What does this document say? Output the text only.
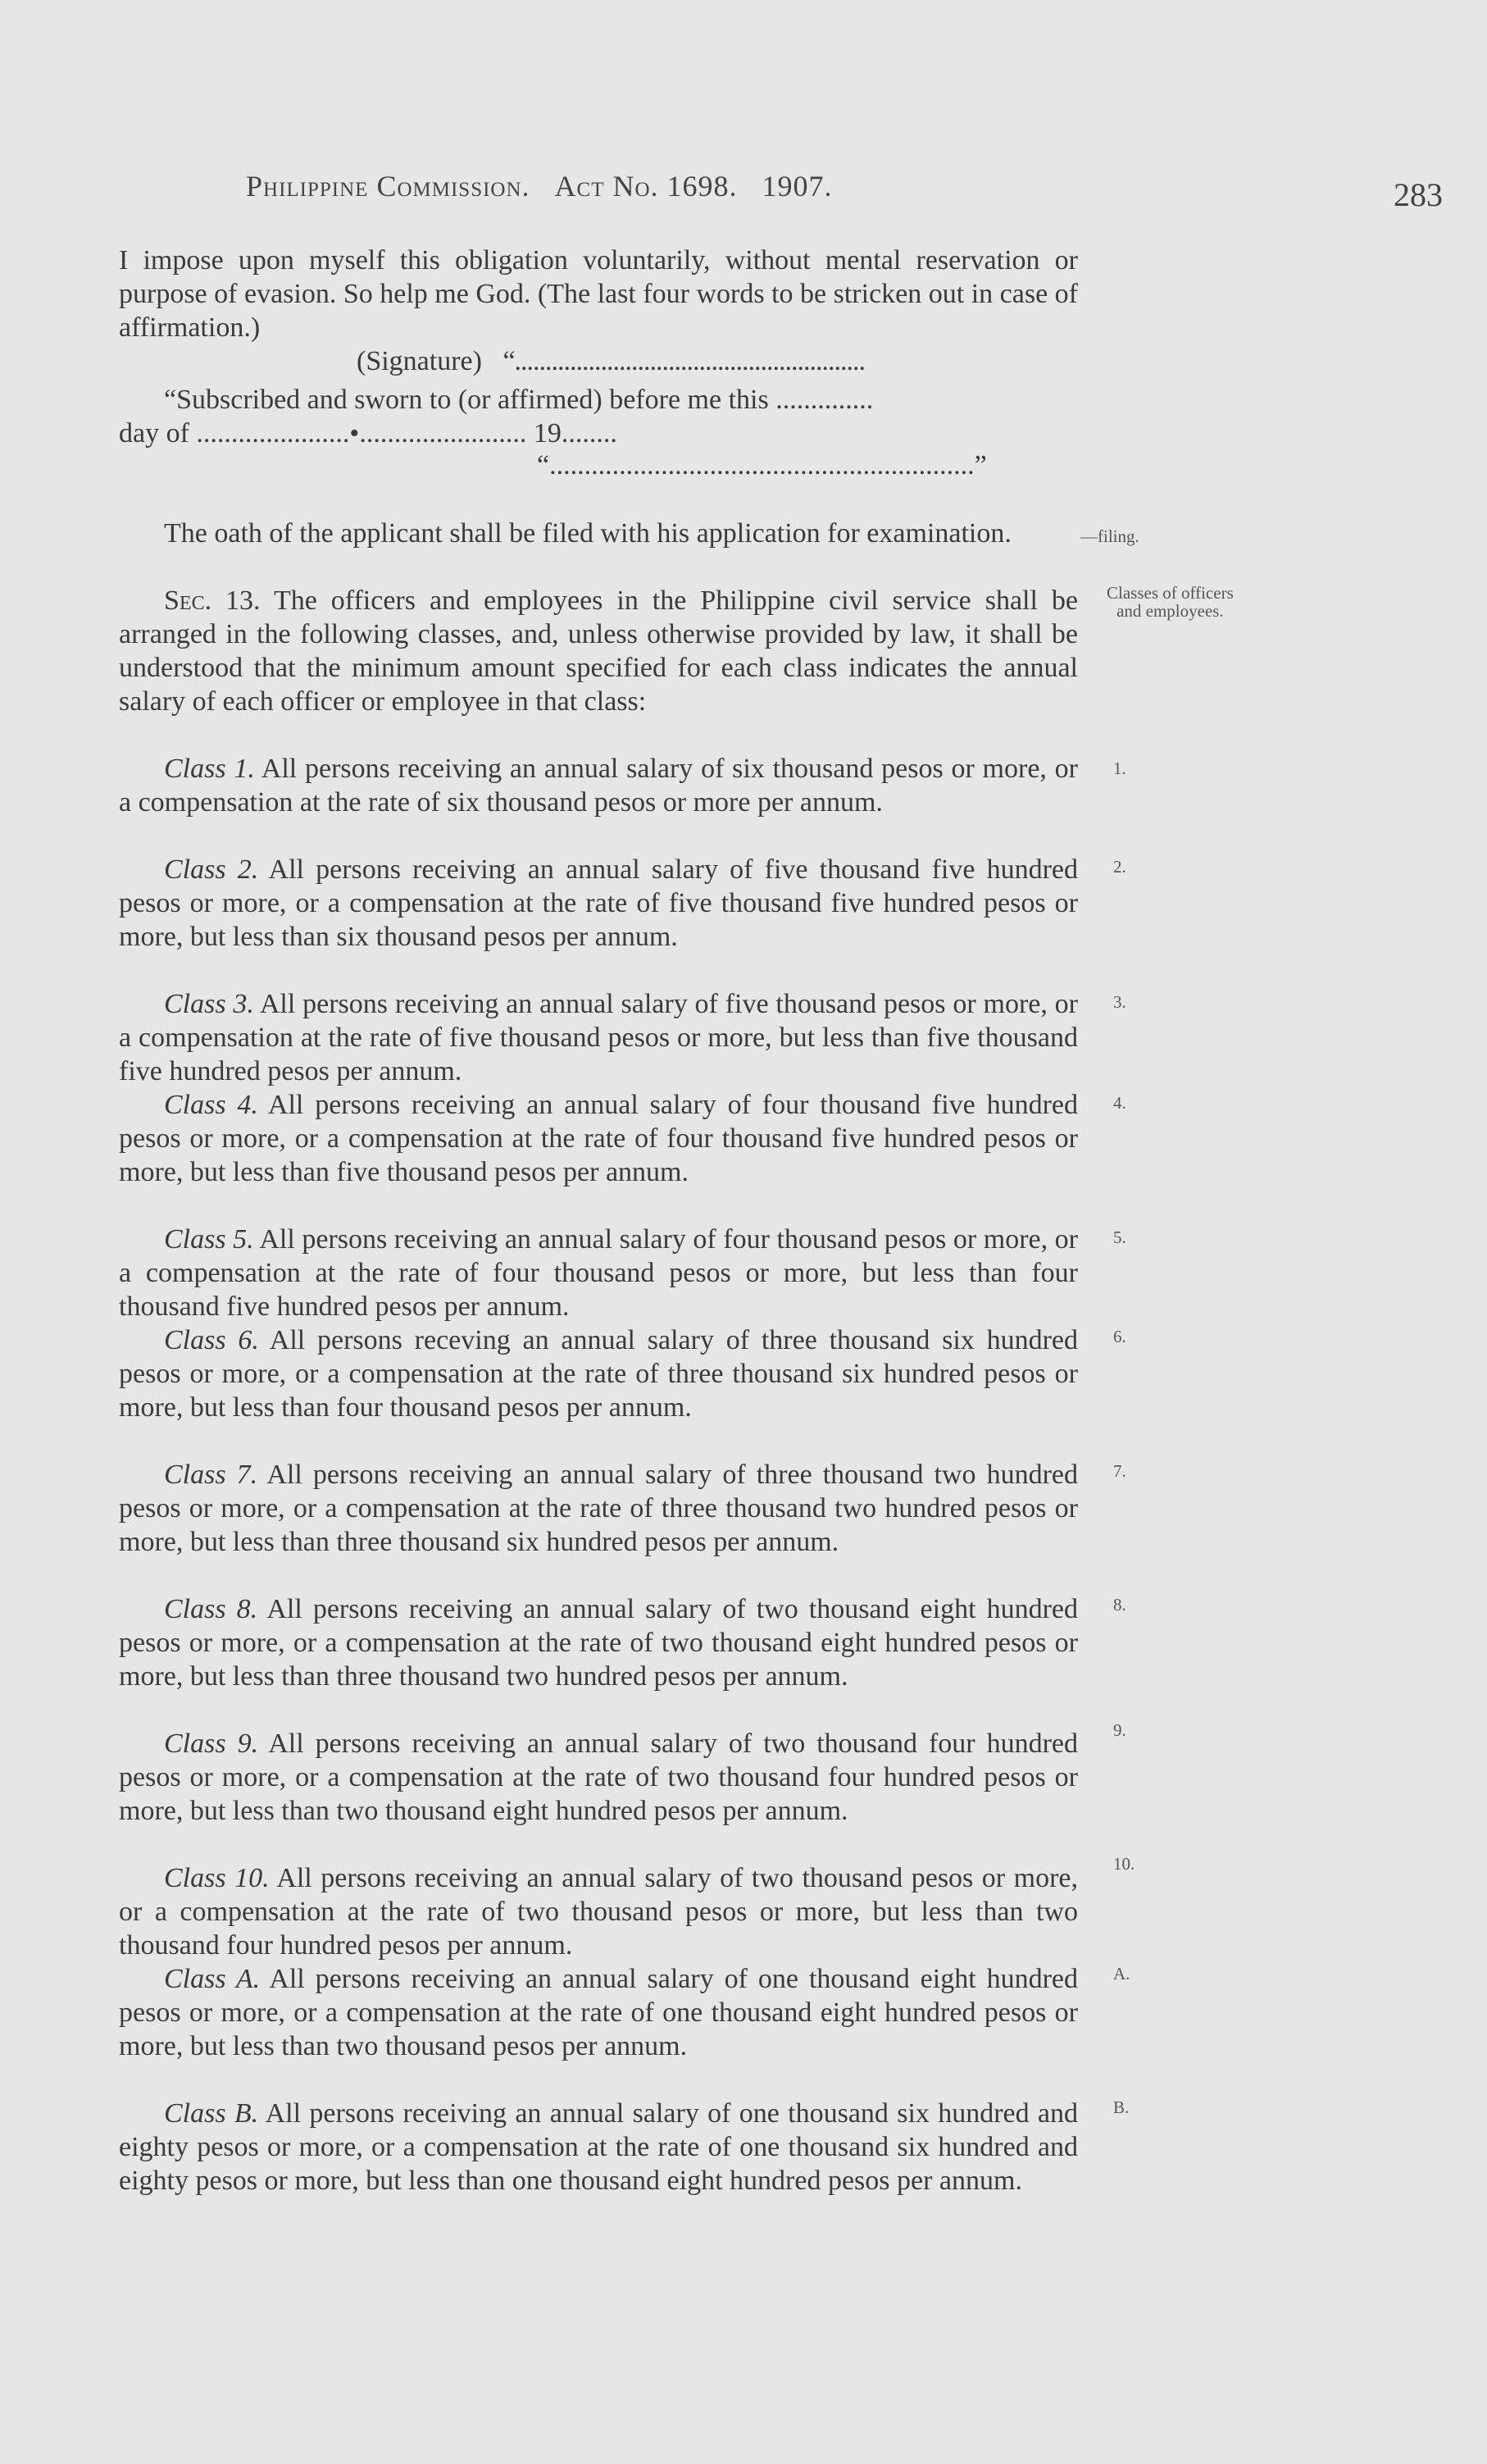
Philippine Commission. Act No. 1698. 1907.	283
I impose upon myself this obligation voluntarily, without mental reservation or purpose of evasion. So help me God. (The last four words to be stricken out in case of affirmation.)
(Signature) “.........................................................
“Subscribed and sworn to (or affirmed) before me this ..............
day of ......................•........................ 19........
“.............................................................”
The oath of the applicant shall be filed with his application for examination.	—filing.
Sec. 13. The officers and employees in the Philippine civil service shall be arranged in the following classes, and, unless otherwise provided by law, it shall be understood that the minimum amount specified for each class indicates the annual salary of each officer or employee in that class:
Classes of officers
and employees.
Class 1. All persons receiving an annual salary of six thousand pesos or more, or a compensation at the rate of six thousand pesos or more per annum.
1.
Class 2. All persons receiving an annual salary of five thousand five hundred pesos or more, or a compensation at the rate of five thousand five hundred pesos or more, but less than six thousand pesos per annum.
2.
Class 3. All persons receiving an annual salary of five thousand pesos or more, or a compensation at the rate of five thousand pesos or more, but less than five thousand five hundred pesos per annum.
3.
Class 4. All persons receiving an annual salary of four thousand five hundred pesos or more, or a compensation at the rate of four thousand five hundred pesos or more, but less than five thousand pesos per annum.
4.
Class 5. All persons receiving an annual salary of four thousand pesos or more, or a compensation at the rate of four thousand pesos or more, but less than four thousand five hundred pesos per annum.
5.
Class 6. All persons receving an annual salary of three thousand six hundred pesos or more, or a compensation at the rate of three thousand six hundred pesos or more, but less than four thousand pesos per annum.
6.
Class 7. All persons receiving an annual salary of three thousand two hundred pesos or more, or a compensation at the rate of three thousand two hundred pesos or more, but less than three thousand six hundred pesos per annum.
7.
Class 8. All persons receiving an annual salary of two thousand eight hundred pesos or more, or a compensation at the rate of two thousand eight hundred pesos or more, but less than three thousand two hundred pesos per annum.
8.
Class 9. All persons receiving an annual salary of two thousand four hundred pesos or more, or a compensation at the rate of two thousand four hundred pesos or more, but less than two thousand eight hundred pesos per annum.
9.
Class 10. All persons receiving an annual salary of two thousand pesos or more, or a compensation at the rate of two thousand pesos or more, but less than two thousand four hundred pesos per annum.
10.
Class A. All persons receiving an annual salary of one thousand eight hundred pesos or more, or a compensation at the rate of one thousand eight hundred pesos or more, but less than two thousand pesos per annum.
A.
Class B. All persons receiving an annual salary of one thousand six hundred and eighty pesos or more, or a compensation at the rate of one thousand six hundred and eighty pesos or more, but less than one thousand eight hundred pesos per annum.
B.
